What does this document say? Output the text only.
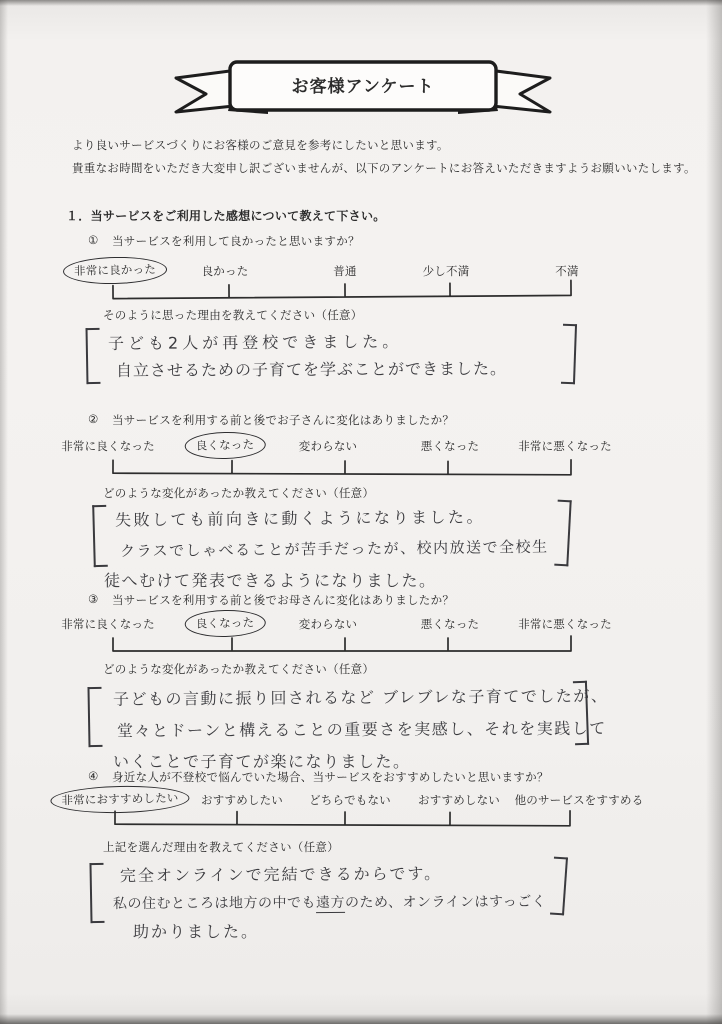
お客様アンケート
より良いサービスづくりにお客様のご意見を参考にしたいと思います。
貴重なお時間をいただき大変申し訳ございませんが、以下のアンケートにお答えいただきますようお願いいたします。
１．当サービスをご利用した感想について教えて下さい。
① 当サービスを利用して良かったと思いますか？
非常に良かった	良かった	普通	少し不満	不満
そのように思った理由を教えてください（任意）
子ども2人が再登校できました。
自立させるための子育てを学ぶことができました。
② 当サービスを利用する前と後でお子さんに変化はありましたか？
非常に良くなった	良くなった	変わらない	悪くなった	非常に悪くなった
どのような変化があったか教えてください（任意）
失敗しても前向きに動くようになりました。
クラスでしゃべることが苦手だったが、校内放送で全校生
徒へむけて発表できるようになりました。
③ 当サービスを利用する前と後でお母さんに変化はありましたか？
非常に良くなった	良くなった	変わらない	悪くなった	非常に悪くなった
どのような変化があったか教えてください（任意）
子どもの言動に振り回されるなど ブレブレな子育てでしたが、
堂々とドーンと構えることの重要さを実感し、それを実践して
いくことで子育てが楽になりました。
④ 身近な人が不登校で悩んでいた場合、当サービスをおすすめしたいと思いますか？
非常におすすめしたい	おすすめしたい どちらでもない おすすめしない 他のサービスをすすめる
上記を選んだ理由を教えてください（任意）
完全オンラインで完結できるからです。
私の住むところは地方の中でも遠方のため、オンラインはすっごく
助かりました。
